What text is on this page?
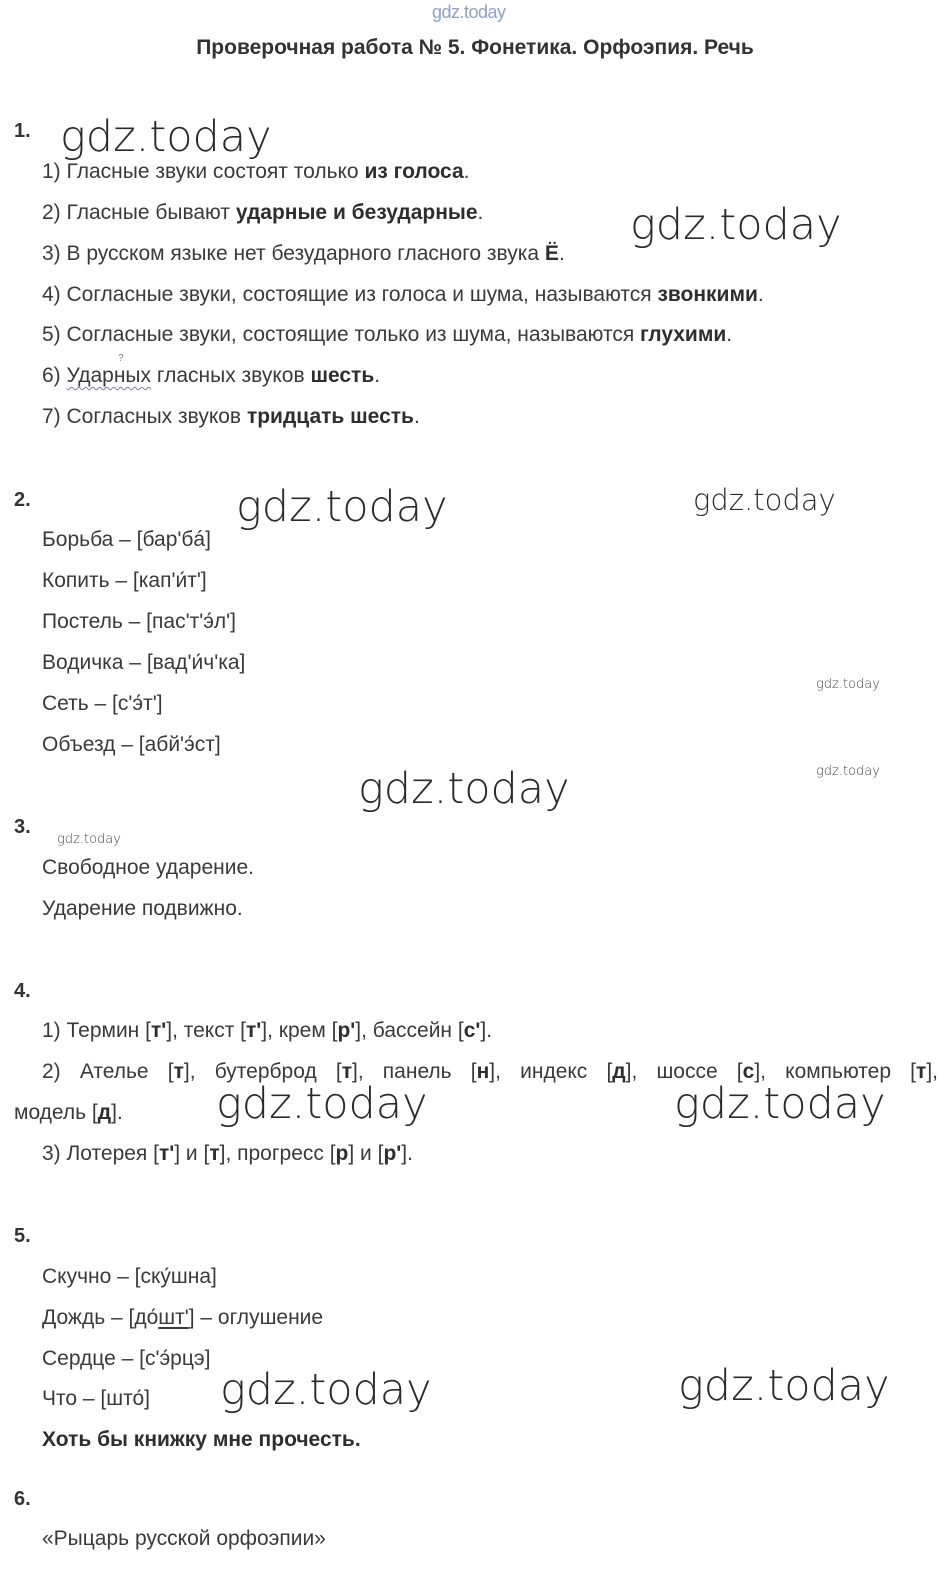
gdz.today
Проверочная работа № 5. Фонетика. Орфоэпия. Речь
1.
1) Гласные звуки состоят только из голоса.
2) Гласные бывают ударные и безударные.
3) В русском языке нет безударного гласного звука Ё.
4) Согласные звуки, состоящие из голоса и шума, называются звонкими.
5) Согласные звуки, состоящие только из шума, называются глухими.
?
6) Ударных гласных звуков шесть.
7) Согласных звуков тридцать шесть.
2.
Борьба – [бар'бá]
Копить – [кап'и́т']
Постель – [пас'т'э́л']
Водичка – [вад'и́ч'ка]
Сеть – [с'э́т']
Объезд – [абй'э́ст]
3.
Свободное ударение.
Ударение подвижно.
4.
1) Термин [т'], текст [т'], крем [р'], бассейн [с'].
2) Ателье [т], бутерброд [т], панель [н], индекс [д], шоссе [с], компьютер [т],
модель [д].
3) Лотерея [т'] и [т], прогресс [р] и [р'].
5.
Скучно – [ску́шна]
Дождь – [до́шт'] – оглушение
Сердце – [с'э́рцэ]
Что – [што́]
Хоть бы книжку мне прочесть.
6.
«Рыцарь русской орфоэпии»
gdz.today
gdz.today
gdz.today	gdz.today
gdz.today
gdz.today
gdz.today
gdz.today
gdz.today	gdz.today
gdz.today	gdz.today
